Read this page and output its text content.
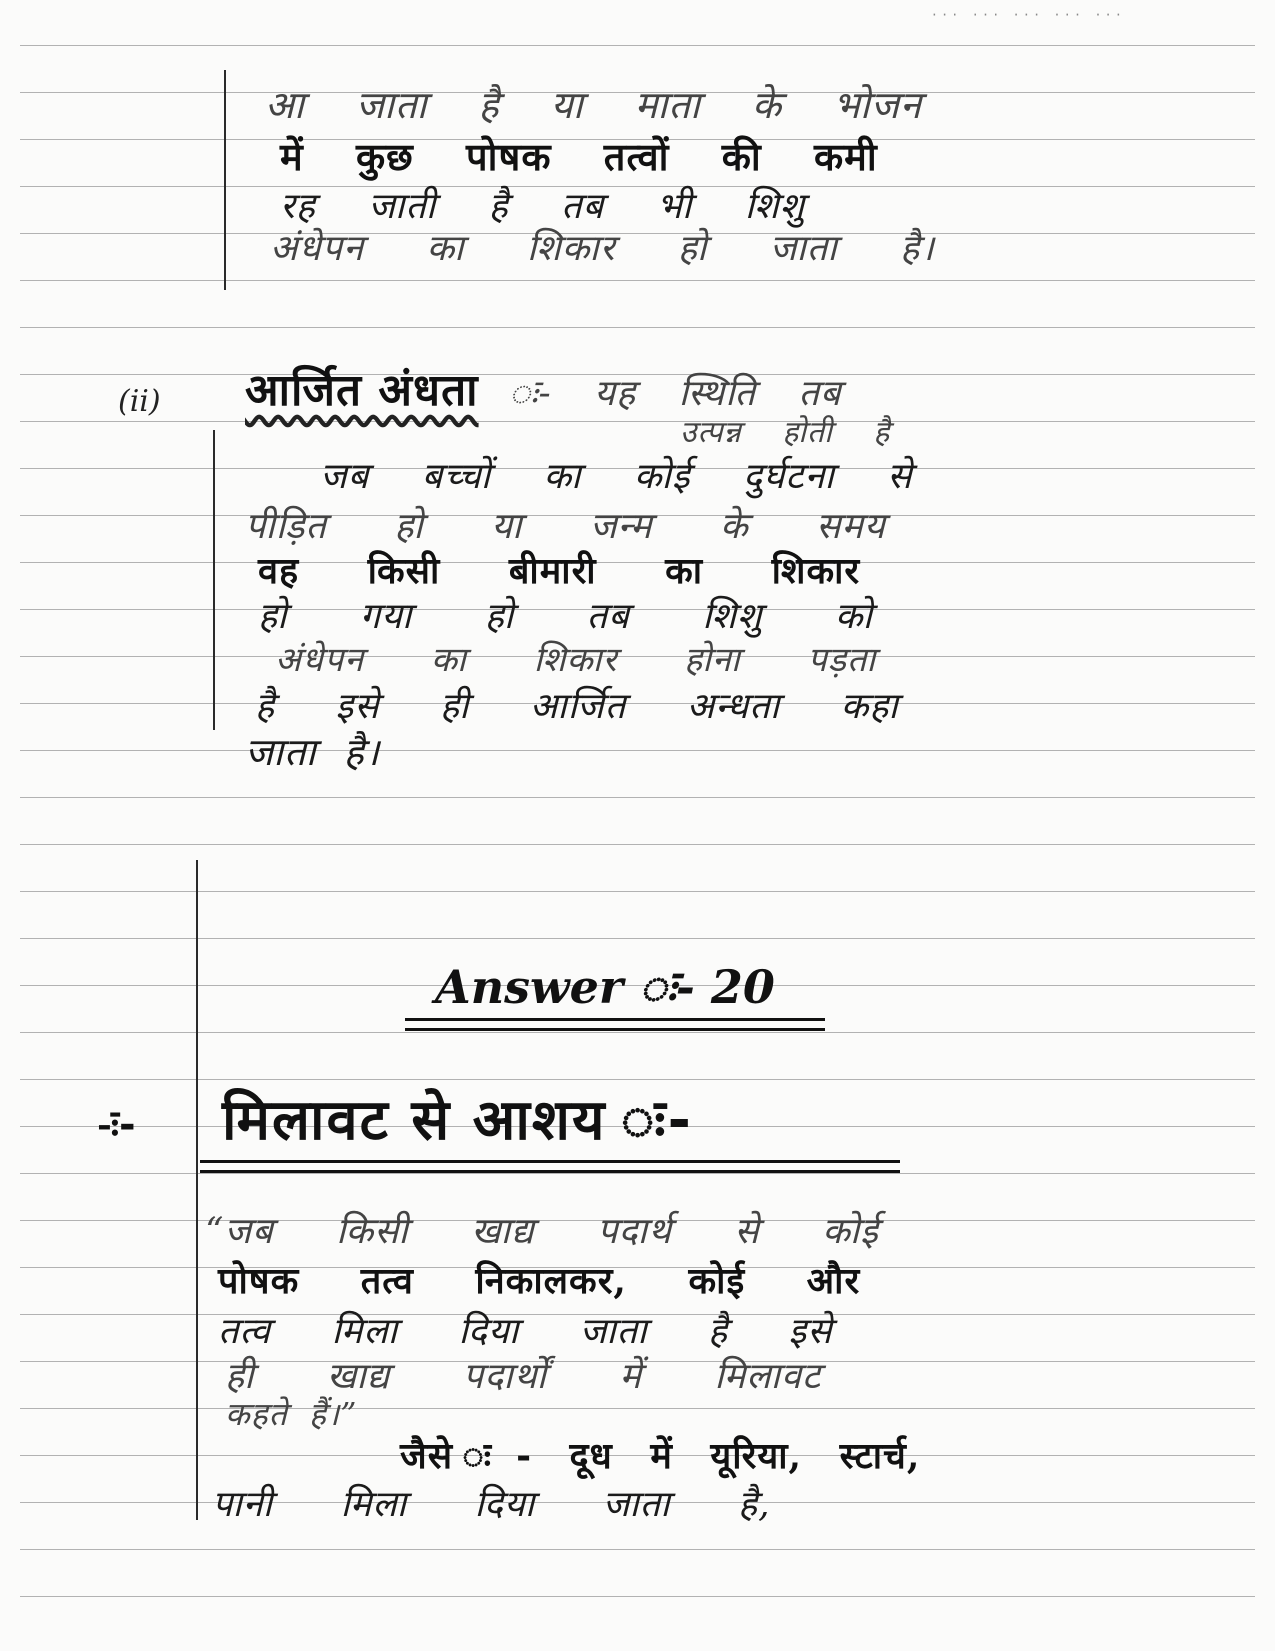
··· ··· ··· ··· ···
आ जाता है या माता के भोजन
में कुछ पोषक तत्वों की कमी
रह जाती है तब भी शिशु
अंधेपन का शिकार हो जाता है।
(ii) आर्जित अंधता ः- यह स्थिति तब
उत्पन्न होती है
जब बच्चों का कोई दुर्घटना से
पीड़ित हो या जन्म के समय
वह किसी बीमारी का शिकार
हो गया हो तब शिशु को
अंधेपन का शिकार होना पड़ता
है इसे ही आर्जित अन्धता कहा
जाता है।
Answer ः- 20
-ः- मिलावट से आशय ः-
“जब किसी खाद्य पदार्थ से कोई
पोषक तत्व निकालकर, कोई और
तत्व मिला दिया जाता है इसे
ही खाद्य पदार्थों में मिलावट
कहते हैं।”
जैसे ः- दूध में यूरिया, स्टार्च,
पानी मिला दिया जाता है,
